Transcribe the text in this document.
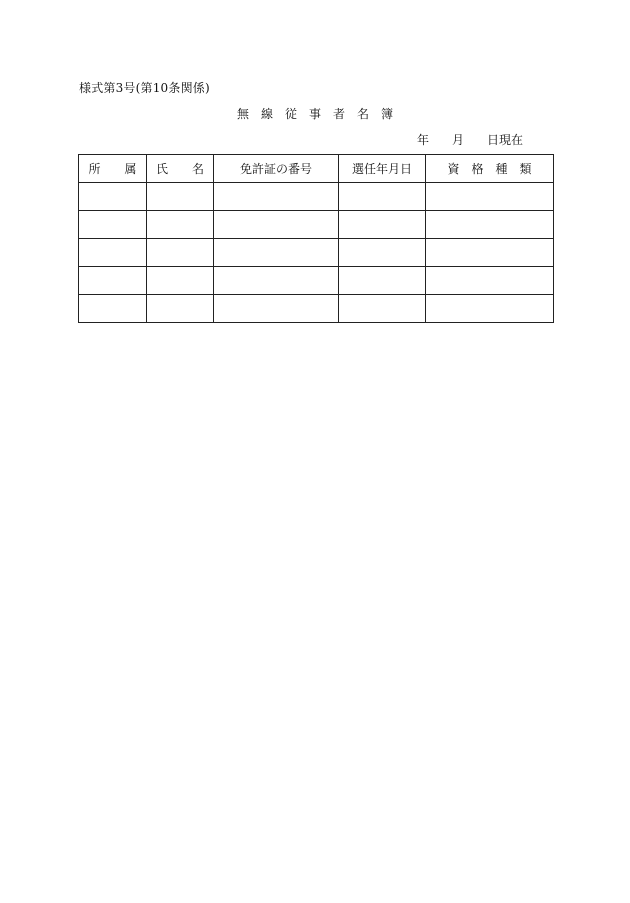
様式第3号(第10条関係)
無　線　従　事　者　名　簿
年 月 日現在
所　　属	氏　　名	免許証の番号	選任年月日	資　格　種　類
